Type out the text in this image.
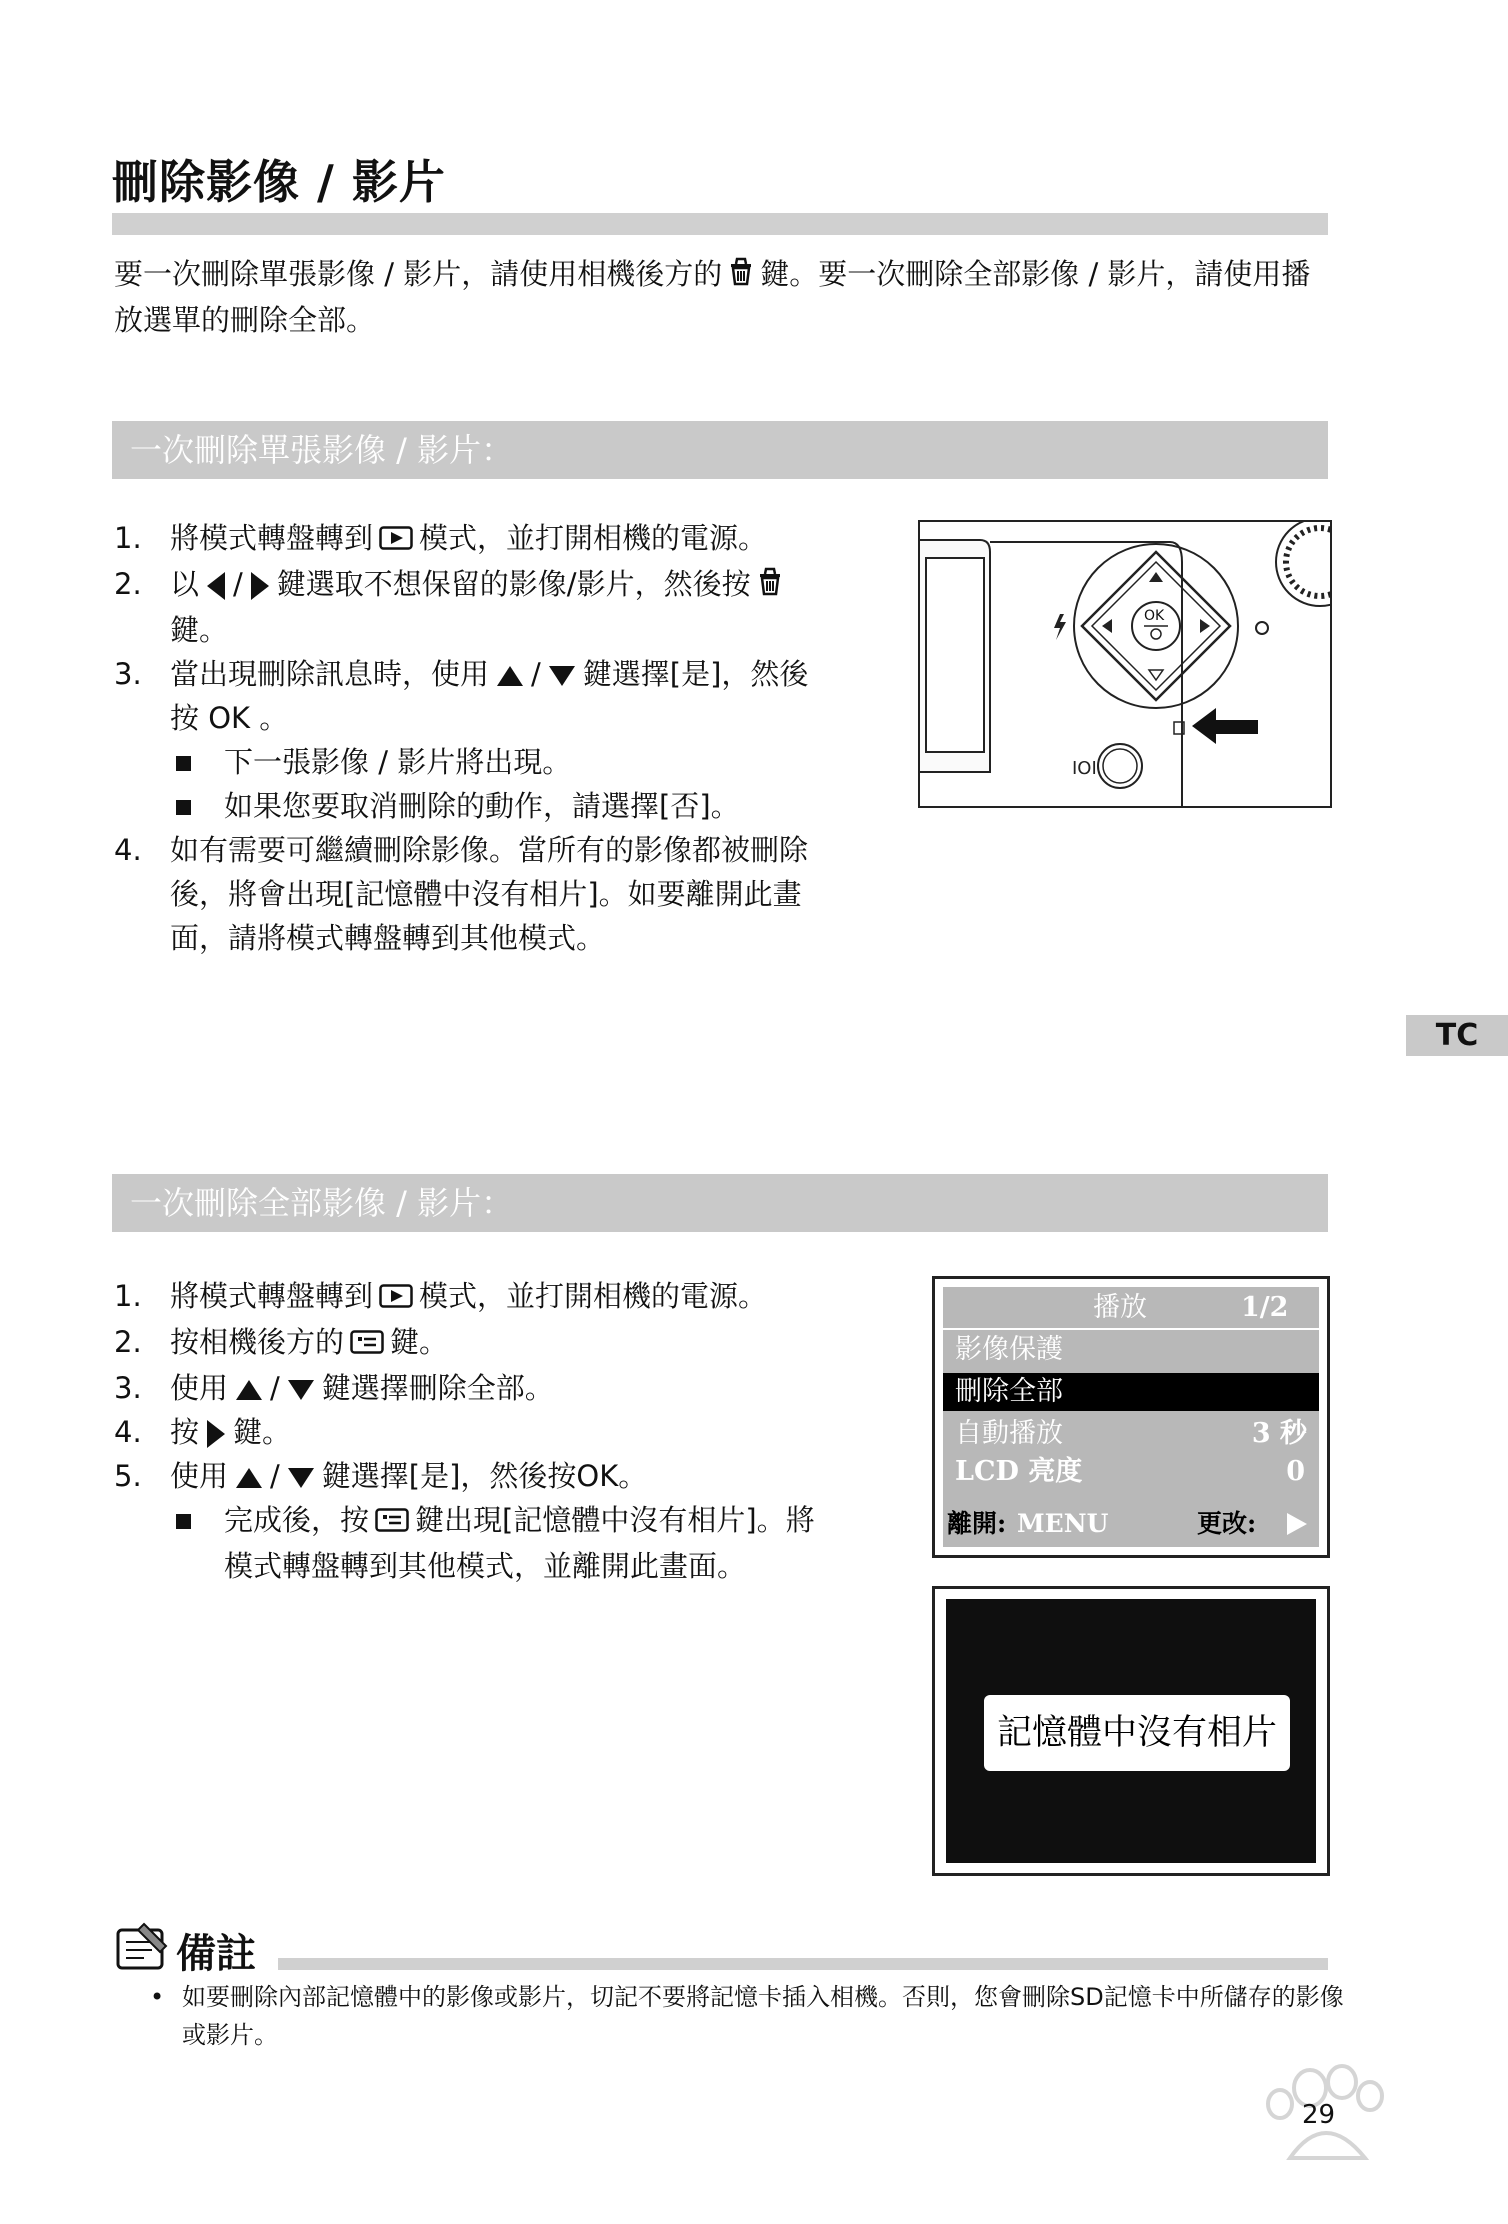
刪除影像 / 影片
要一次刪除單張影像 / 影片，請使用相機後方的 鍵。要一次刪除全部影像 / 影片，請使用播放選單的刪除全部。
一次刪除單張影像 / 影片：

1. 將模式轉盤轉到 模式，並打開相機的電源。

2. 以 / 鍵選取不想保留的影像/影片，然後按鍵。

3. 當出現刪除訊息時，使用 / 鍵選擇[是]，然後按 OK 。

下一張影像 / 影片將出現。

如果您要取消刪除的動作，請選擇[否]。

4. 如有需要可繼續刪除影像。當所有的影像都被刪除後，將會出現[記憶體中沒有相片]。如要離開此畫面，請將模式轉盤轉到其他模式。

IOI
OK
TC
一次刪除全部影像 / 影片：

1. 將模式轉盤轉到 模式，並打開相機的電源。

2. 按相機後方的 鍵。

3. 使用 / 鍵選擇刪除全部。

4. 按 鍵。

5. 使用 / 鍵選擇[是]，然後按OK。

完成後，按 鍵出現[記憶體中沒有相片]。將模式轉盤轉到其他模式，並離開此畫面。

播放	1/2
影像保護
刪除全部
自動播放	3 秒
LCD 亮度	0
離開: MENU	更改:
記憶體中沒有相片
備註
• 如要刪除內部記憶體中的影像或影片，切記不要將記憶卡插入相機。否則，您會刪除SD記憶卡中所儲存的影像或影片。
29
